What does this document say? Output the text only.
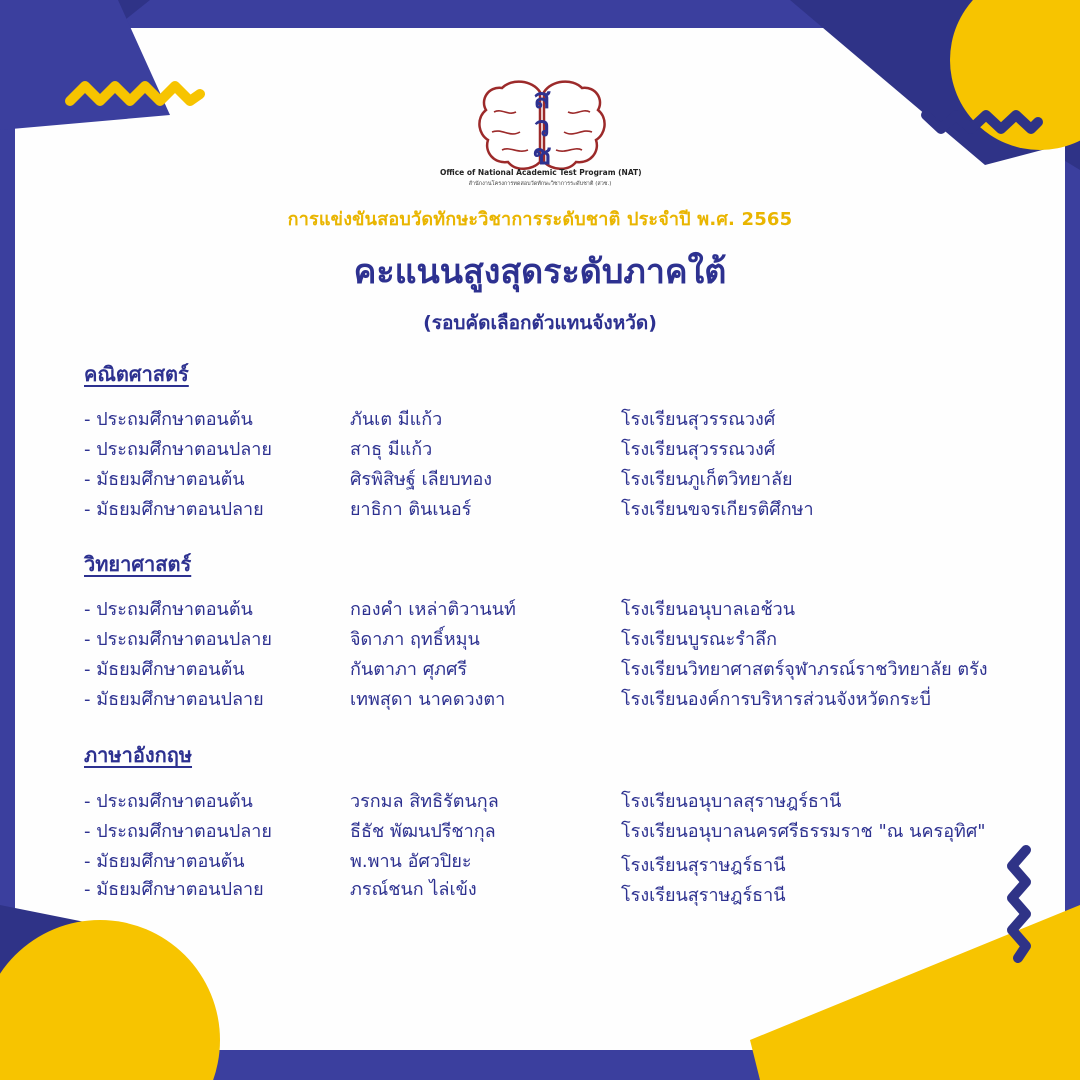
ส
ว
ช
Office of National Academic Test Program (NAT)
สำนักงานโครงการทดสอบวัดทักษะวิชาการระดับชาติ (สวช.)
การแข่งขันสอบวัดทักษะวิชาการระดับชาติ ประจำปี พ.ศ. 2565
คะแนนสูงสุดระดับภาคใต้
(รอบคัดเลือกตัวแทนจังหวัด)
คณิตศาสตร์
- ประถมศึกษาตอนต้น	ภันเต มีแก้ว	โรงเรียนสุวรรณวงศ์
- ประถมศึกษาตอนปลาย	สาธุ มีแก้ว	โรงเรียนสุวรรณวงศ์
- มัธยมศึกษาตอนต้น	ศิรพิสิษฐ์ เลียบทอง	โรงเรียนภูเก็ตวิทยาลัย
- มัธยมศึกษาตอนปลาย	ยาธิกา ตินเนอร์	โรงเรียนขจรเกียรติศึกษา
วิทยาศาสตร์
- ประถมศึกษาตอนต้น	กองคำ เหล่าติวานนท์	โรงเรียนอนุบาลเอช้วน
- ประถมศึกษาตอนปลาย	จิดาภา ฤทธิ์หมุน	โรงเรียนบูรณะรำลึก
- มัธยมศึกษาตอนต้น	กันตาภา ศุภศรี	โรงเรียนวิทยาศาสตร์จุฬาภรณ์ราชวิทยาลัย ตรัง
- มัธยมศึกษาตอนปลาย	เทพสุดา นาคดวงตา	โรงเรียนองค์การบริหารส่วนจังหวัดกระบี่
ภาษาอังกฤษ
- ประถมศึกษาตอนต้น	วรกมล สิทธิรัตนกุล	โรงเรียนอนุบาลสุราษฎร์ธานี
- ประถมศึกษาตอนปลาย	ธีธัช พัฒนปรีชากุล	โรงเรียนอนุบาลนครศรีธรรมราช "ณ นครอุทิศ"
- มัธยมศึกษาตอนต้น	พ.พาน อัศวปิยะ	โรงเรียนสุราษฎร์ธานี
- มัธยมศึกษาตอนปลาย	ภรณ์ชนก ไล่เข้ง	โรงเรียนสุราษฎร์ธานี
